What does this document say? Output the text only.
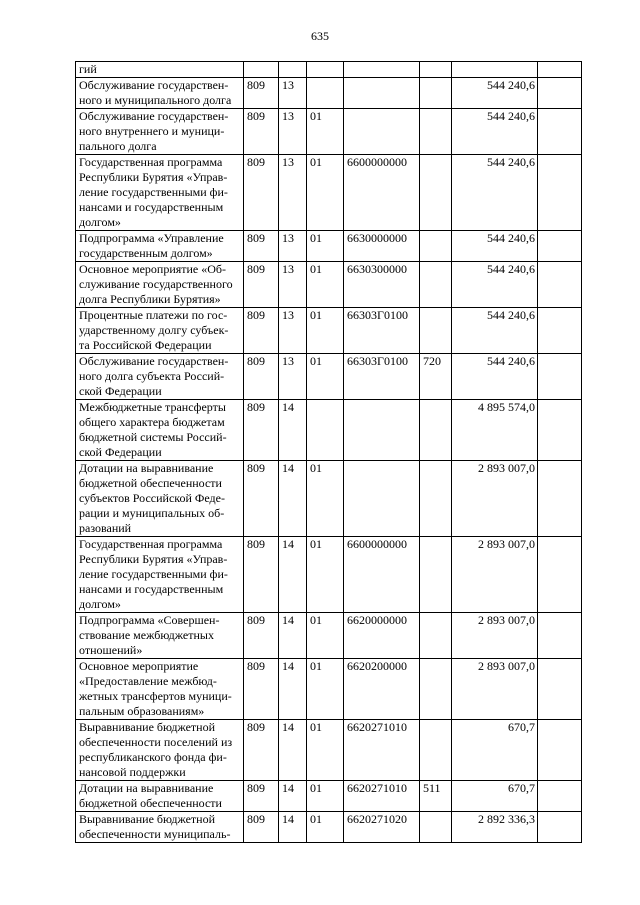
635
гий							
Обслуживание государствен-
ного и муниципального долга	809	13				544 240,6	
Обслуживание государствен-
ного внутреннего и муници-
пального долга	809	13	01			544 240,6	
Государственная программа
Республики Бурятия «Управ-
ление государственными фи-
нансами и государственным
долгом»	809	13	01	6600000000		544 240,6	
Подпрограмма «Управление
государственным долгом»	809	13	01	6630000000		544 240,6	
Основное мероприятие «Об-
служивание государственного
долга Республики Бурятия»	809	13	01	6630300000		544 240,6	
Процентные платежи по гос-
ударственному долгу субъек-
та Российской Федерации	809	13	01	66303Г0100		544 240,6	
Обслуживание государствен-
ного долга субъекта Россий-
ской Федерации	809	13	01	66303Г0100	720	544 240,6	
Межбюджетные трансферты
общего характера бюджетам
бюджетной системы Россий-
ской Федерации	809	14				4 895 574,0	
Дотации на выравнивание
бюджетной обеспеченности
субъектов Российской Феде-
рации и муниципальных об-
разований	809	14	01			2 893 007,0	
Государственная программа
Республики Бурятия «Управ-
ление государственными фи-
нансами и государственным
долгом»	809	14	01	6600000000		2 893 007,0	
Подпрограмма «Совершен-
ствование межбюджетных
отношений»	809	14	01	6620000000		2 893 007,0	
Основное мероприятие
«Предоставление межбюд-
жетных трансфертов муници-
пальным образованиям»	809	14	01	6620200000		2 893 007,0	
Выравнивание бюджетной
обеспеченности поселений из
республиканского фонда фи-
нансовой поддержки	809	14	01	6620271010		670,7	
Дотации на выравнивание
бюджетной обеспеченности	809	14	01	6620271010	511	670,7	
Выравнивание бюджетной
обеспеченности муниципаль-	809	14	01	6620271020		2 892 336,3	
